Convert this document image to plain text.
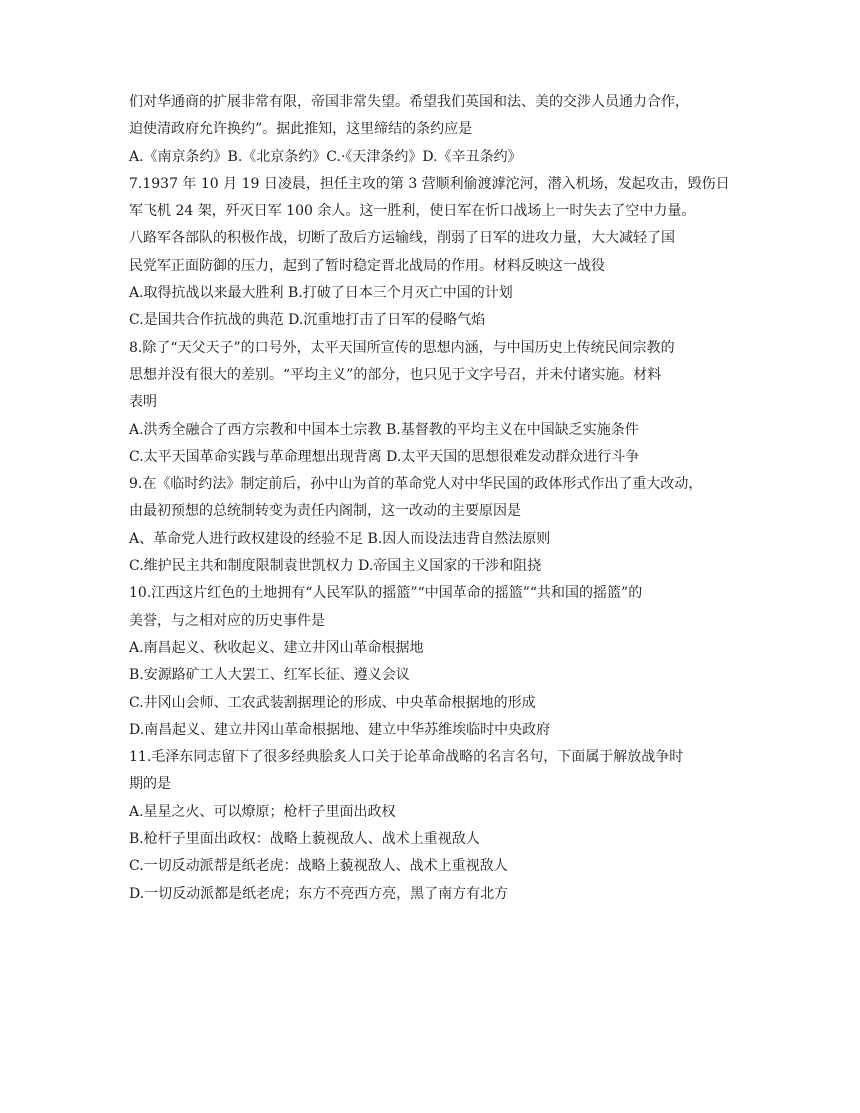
们对华通商的扩展非常有限，帝国非常失望。希望我们英国和法、美的交涉人员通力合作，
迫使清政府允许换约”。据此推知，这里缔结的条约应是
A.《南京条约》B.《北京条约》C.·《天津条约》D.《辛丑条约》
7.1937 年 10 月 19 日凌晨，担任主攻的第 3 营顺利偷渡滹沱河，潜入机场，发起攻击，毁伤日
军飞机 24 架，歼灭日军 100 余人。这一胜利，使日军在忻口战场上一时失去了空中力量。
八路军各部队的积极作战，切断了敌后方运输线，削弱了日军的进攻力量，大大减轻了国
民党军正面防御的压力，起到了暂时稳定晋北战局的作用。材料反映这一战役
A.取得抗战以来最大胜利 B.打破了日本三个月灭亡中国的计划
C.是国共合作抗战的典范 D.沉重地打击了日军的侵略气焰
8.除了“天父天子”的口号外，太平天国所宣传的思想内涵，与中国历史上传统民间宗教的
思想并没有很大的差别。“平均主义”的部分，也只见于文字号召，并未付诸实施。材料
表明
A.洪秀全融合了西方宗教和中国本土宗教 B.基督教的平均主义在中国缺乏实施条件
C.太平天国革命实践与革命理想出现背离 D.太平天国的思想很难发动群众进行斗争
9.在《临时约法》制定前后，孙中山为首的革命党人对中华民国的政体形式作出了重大改动，
由最初预想的总统制转变为责任内阁制，这一改动的主要原因是
A、革命党人进行政权建设的经验不足 B.因人而设法违背自然法原则
C.维护民主共和制度限制袁世凯权力 D.帝国主义国家的干涉和阻挠
10.江西这片红色的土地拥有“人民军队的摇篮”“中国革命的摇篮”“共和国的摇篮”的
美誉，与之相对应的历史事件是
A.南昌起义、秋收起义、建立井冈山革命根据地
B.安源路矿工人大罢工、红军长征、遵义会议
C.井冈山会师、工农武装割据理论的形成、中央革命根据地的形成
D.南昌起义、建立井冈山革命根据地、建立中华苏维埃临时中央政府
11.毛泽东同志留下了很多经典脍炙人口关于论革命战略的名言名句，下面属于解放战争时
期的是
A.星星之火、可以燎原；枪杆子里面出政权
B.枪杆子里面出政权：战略上藐视敌人、战术上重视敌人
C.一切反动派帮是纸老虎：战略上藐视敌人、战术上重视敌人
D.一切反动派都是纸老虎；东方不亮西方亮，黑了南方有北方
